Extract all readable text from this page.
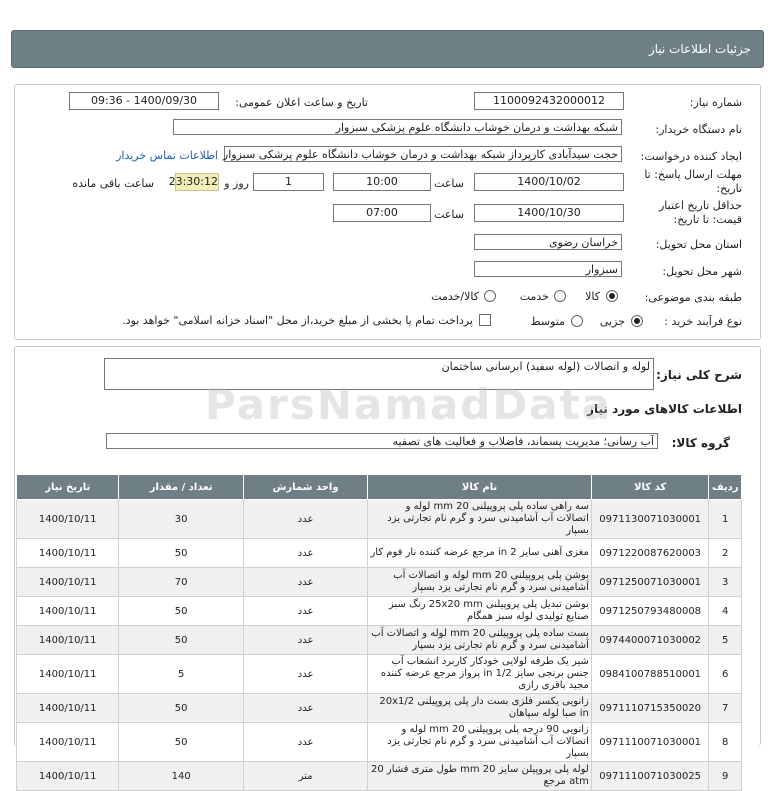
جزئیات اطلاعات نیاز
شماره نیاز:
1100092432000012
تاریخ و ساعت اعلان عمومی:
1400/09/30 - 09:36
نام دستگاه خریدار:
شبکه بهداشت و درمان خوشاب دانشگاه علوم پزشکی سبزوار
ایجاد کننده درخواست:
حجت سیدآبادی کارپرداز شبکه بهداشت و درمان خوشاب دانشگاه علوم پزشکی سبزوار
اطلاعات تماس خریدار
مهلت ارسال پاسخ: تا تاریخ:
1400/10/02
ساعت
10:00
1
روز و
23:30:12
ساعت باقی مانده
حداقل تاریخ اعتبار قیمت: تا تاریخ:
1400/10/30
ساعت
07:00
استان محل تحویل:
خراسان رضوی
شهر محل تحویل:
سبزوار
طبقه بندی موضوعی:
کالا
خدمت
کالا/خدمت
نوع فرآیند خرید :
جزیی
متوسط
پرداخت تمام یا بخشی از مبلغ خرید،از محل "اسناد خزانه اسلامی" خواهد بود.
شرح کلی نیاز:
لوله و اتصالات (لوله سفید) ابرسانی ساختمان
اطلاعات کالاهای مورد نیاز
گروه کالا:
آب رسانی؛ مدیریت پسماند، فاضلاب و فعالیت های تصفیه
ردیف	کد کالا	نام کالا	واحد شمارش	تعداد / مقدار	تاریخ نیاز
1	0971130071030001	سه راهی ساده پلی پروپیلنی 20 mm لوله و اتصالات آب آشامیدنی سرد و گرم نام تجارتی یزد بسپار	عدد	30	1400/10/11
2	0971220087620003	مغزی آهنی سایز 2 in مرجع عرضه کننده نار فوم کار	عدد	50	1400/10/11
3	0971250071030001	بوشن پلی پروپیلنی 20 mm لوله و اتصالات آب آشامیدنی سرد و گرم نام تجارتی یزد بسپار	عدد	70	1400/10/11
4	0971250793480008	بوشن تبدیل پلی پروپیلنی 25x20 mm رنگ سبز صنایع تولیدی لوله سبز همگام	عدد	50	1400/10/11
5	0974400071030002	بست ساده پلی پروپیلنی 20 mm لوله و اتصالات آب آشامیدنی سرد و گرم نام تجارتی یزد بسپار	عدد	50	1400/10/11
6	0984100788510001	شیر یک طرفه لولایی خودکار کاربرد انشعاب آب جنس برنجی سایز 1/2 in پرواز مرجع عرضه کننده مجید باقری رازی	عدد	5	1400/10/11
7	0971110715350020	زانویی یکسر فلزی بست دار پلی پروپیلنی 20x1/2 in صبا لوله سپاهان	عدد	50	1400/10/11
8	0971110071030001	زانویی 90 درجه پلی پروپیلنی 20 mm لوله و اتصالات آب آشامیدنی سرد و گرم نام تجارتی یزد بسپار	عدد	50	1400/10/11
9	0971110071030025	لوله پلی پروپیلن سایز 20 mm طول متری فشار 20 atm مرجع	متر	140	1400/10/11
ParsNamadData
